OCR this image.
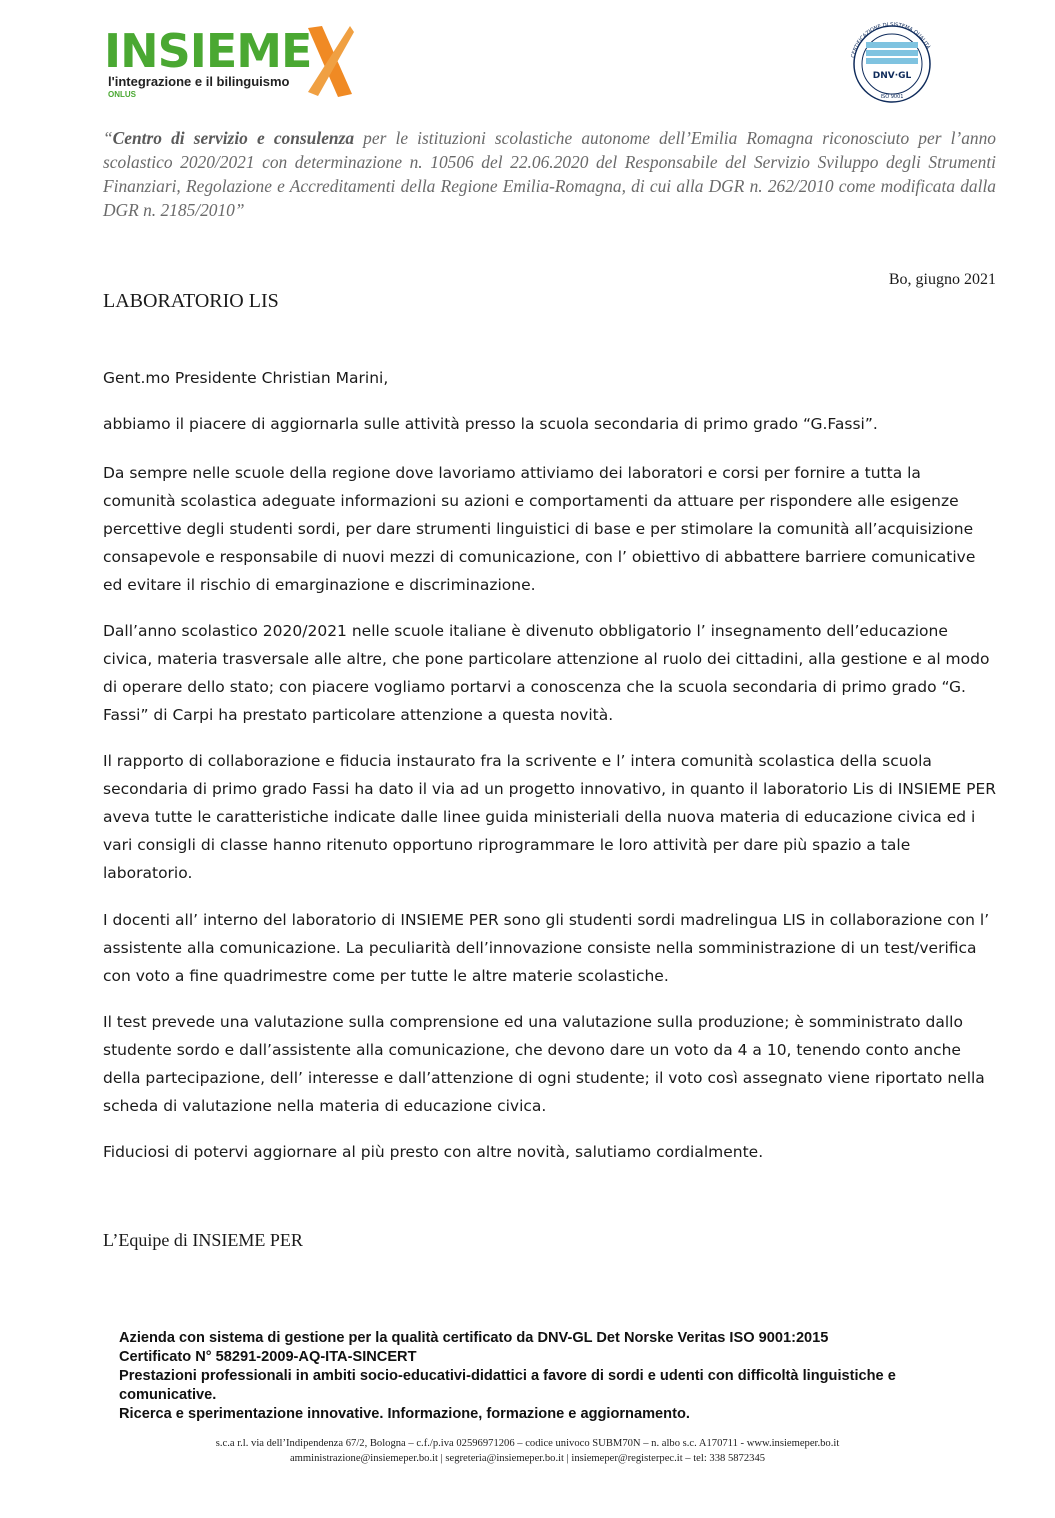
INSIEME
l'integrazione e il bilinguismo
ONLUS
CERTIFICAZIONE DI SISTEMA QUALITÀ
DNV·GL
ISO 9001
“Centro di servizio e consulenza per le istituzioni scolastiche autonome dell’Emilia Romagna riconosciuto per l’anno scolastico 2020/2021 con determinazione n. 10506 del 22.06.2020 del Responsabile del Servizio Sviluppo degli Strumenti Finanziari, Regolazione e Accreditamenti della Regione Emilia-Romagna, di cui alla DGR n. 262/2010 come modificata dalla DGR n. 2185/2010”
Bo, giugno 2021
LABORATORIO LIS
Gent.mo Presidente Christian Marini,
abbiamo il piacere di aggiornarla sulle attività presso la scuola secondaria di primo grado “G.Fassi”.
Da sempre nelle scuole della regione dove lavoriamo attiviamo dei laboratori e corsi per fornire a tutta la comunità scolastica adeguate informazioni su azioni e comportamenti da attuare per rispondere alle esigenze percettive degli studenti sordi, per dare strumenti linguistici di base e per stimolare la comunità all’acquisizione consapevole e responsabile di nuovi mezzi di comunicazione, con l’ obiettivo di abbattere barriere comunicative ed evitare il rischio di emarginazione e discriminazione.
Dall’anno scolastico 2020/2021 nelle scuole italiane è divenuto obbligatorio l’ insegnamento dell’educazione civica, materia trasversale alle altre, che pone particolare attenzione al ruolo dei cittadini, alla gestione e al modo di operare dello stato; con piacere vogliamo portarvi a conoscenza che la scuola secondaria di primo grado “G. Fassi” di Carpi ha prestato particolare attenzione a questa novità.
Il rapporto di collaborazione e fiducia instaurato fra la scrivente e l’ intera comunità scolastica della scuola secondaria di primo grado Fassi ha dato il via ad un progetto innovativo, in quanto il laboratorio Lis di INSIEME PER aveva tutte le caratteristiche indicate dalle linee guida ministeriali della nuova materia di educazione civica ed i vari consigli di classe hanno ritenuto opportuno riprogrammare le loro attività per dare più spazio a tale laboratorio.
I docenti all’ interno del laboratorio di INSIEME PER sono gli studenti sordi madrelingua LIS in collaborazione con l’ assistente alla comunicazione. La peculiarità dell’innovazione consiste nella somministrazione di un test/verifica con voto a fine quadrimestre come per tutte le altre materie scolastiche.
Il test prevede una valutazione sulla comprensione ed una valutazione sulla produzione; è somministrato dallo studente sordo e dall’assistente alla comunicazione, che devono dare un voto da 4 a 10, tenendo conto anche della partecipazione, dell’ interesse e dall’attenzione di ogni studente; il voto così assegnato viene riportato nella scheda di valutazione nella materia di educazione civica.
Fiduciosi di potervi aggiornare al più presto con altre novità, salutiamo cordialmente.
L’Equipe di INSIEME PER
Azienda con sistema di gestione per la qualità certificato da DNV-GL Det Norske Veritas ISO 9001:2015
Certificato N° 58291-2009-AQ-ITA-SINCERT
Prestazioni professionali in ambiti socio-educativi-didattici a favore di sordi e udenti con difficoltà linguistiche e comunicative.
Ricerca e sperimentazione innovative. Informazione, formazione e aggiornamento.
s.c.a r.l. via dell’Indipendenza 67/2, Bologna – c.f./p.iva 02596971206 – codice univoco SUBM70N – n. albo s.c. A170711 - www.insiemeper.bo.it
amministrazione@insiemeper.bo.it | segreteria@insiemeper.bo.it | insiemeper@registerpec.it – tel: 338 5872345
